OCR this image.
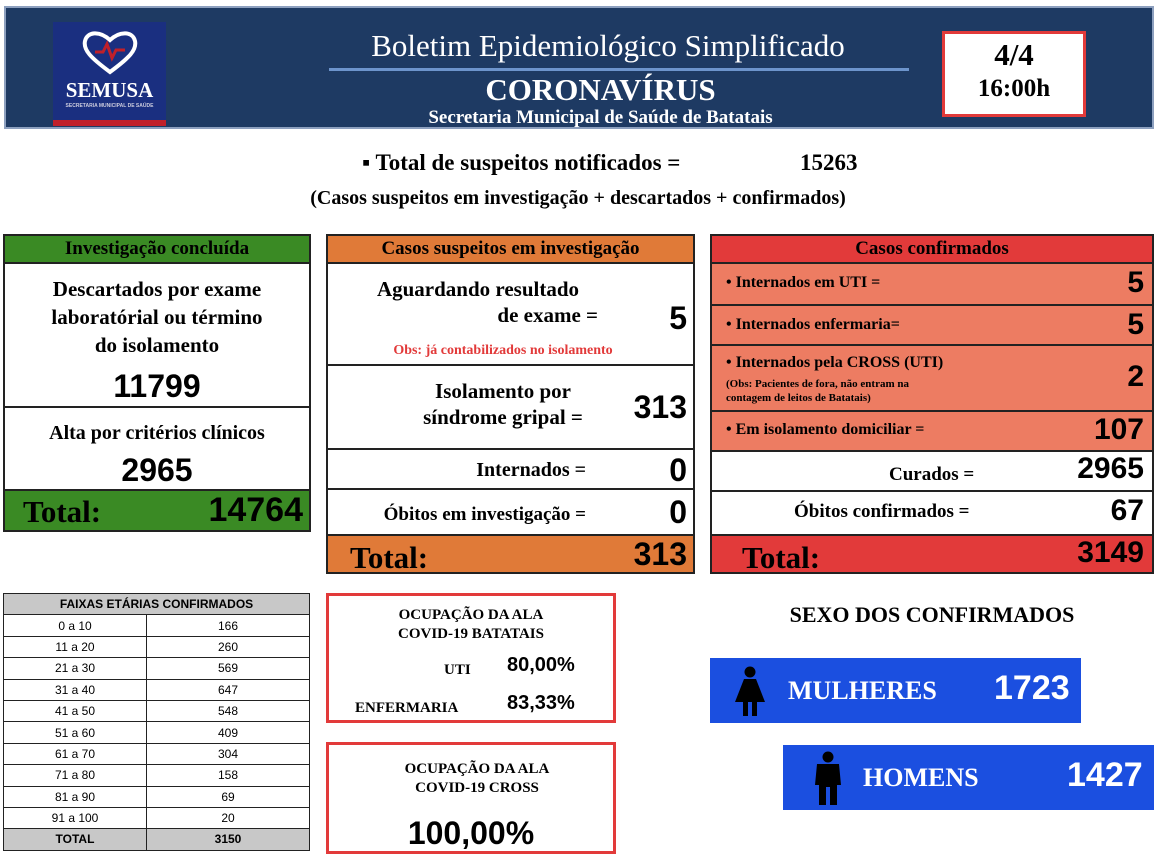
SEMUSA
SECRETARIA MUNICIPAL DE SAÚDE
Boletim Epidemiológico Simplificado
CORONAVÍRUS
Secretaria Municipal de Saúde de Batatais
4/4
16:00h
▪ Total de suspeitos notificados =	15263
(Casos suspeitos em investigação + descartados + confirmados)
Investigação concluída
Descartados por exame
laboratórial ou término
do isolamento
11799
Alta por critérios clínicos
2965
Total:	14764
Casos suspeitos em investigação
Aguardando resultado
de exame =	5
Obs: já contabilizados no isolamento
Isolamento por
síndrome gripal =	313
Internados =	0
Óbitos em investigação =	0
Total:	313
Casos confirmados
• Internados em UTI =	5
• Internados enfermaria=	5
• Internados pela CROSS (UTI)
(Obs: Pacientes de fora, não entram na
contagem de leitos de Batatais)
2
• Em isolamento domiciliar =	107
Curados =	2965
Óbitos confirmados =	67
Total:	3149
FAIXAS ETÁRIAS CONFIRMADOS	
0 a 10	166
11 a 20	260
21 a 30	569
31 a 40	647
41 a 50	548
51 a 60	409
61 a 70	304
71 a 80	158
81 a 90	69
91 a 100	20
TOTAL	3150
OCUPAÇÃO DA ALA
COVID-19 BATATAIS
UTI 80,00%
ENFERMARIA 83,33%
OCUPAÇÃO DA ALA
COVID-19 CROSS
100,00%
SEXO DOS CONFIRMADOS
MULHERES 1723
HOMENS	1427
